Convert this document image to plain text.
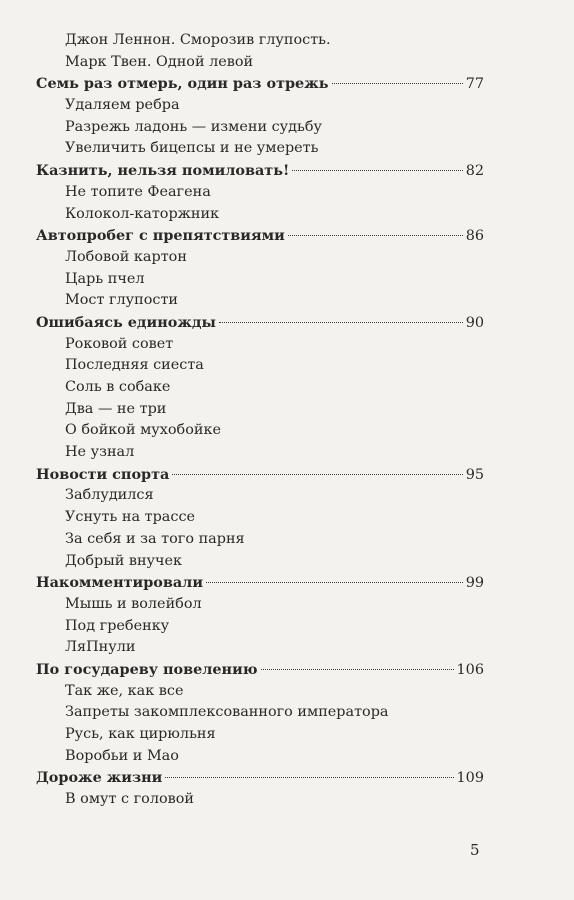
Джон Леннон. Сморозив глупость.
Марк Твен. Одной левой
Семь раз отмерь, один раз отрежь	77
Удаляем ребра
Разрежь ладонь — измени судьбу
Увеличить бицепсы и не умереть
Казнить, нельзя помиловать!	82
Не топите Феагена
Колокол-каторжник
Автопробег с препятствиями	86
Лобовой картон
Царь пчел
Мост глупости
Ошибаясь единожды	90
Роковой совет
Последняя сиеста
Соль в собаке
Два — не три
О бойкой мухобойке
Не узнал
Новости спорта	95
Заблудился
Уснуть на трассе
За себя и за того парня
Добрый внучек
Накомментировали	99
Мышь и волейбол
Под гребенку
ЛяПнули
По государеву повелению	106
Так же, как все
Запреты закомплексованного императора
Русь, как цирюльня
Воробьи и Мао
Дороже жизни	109
В омут с головой
5
